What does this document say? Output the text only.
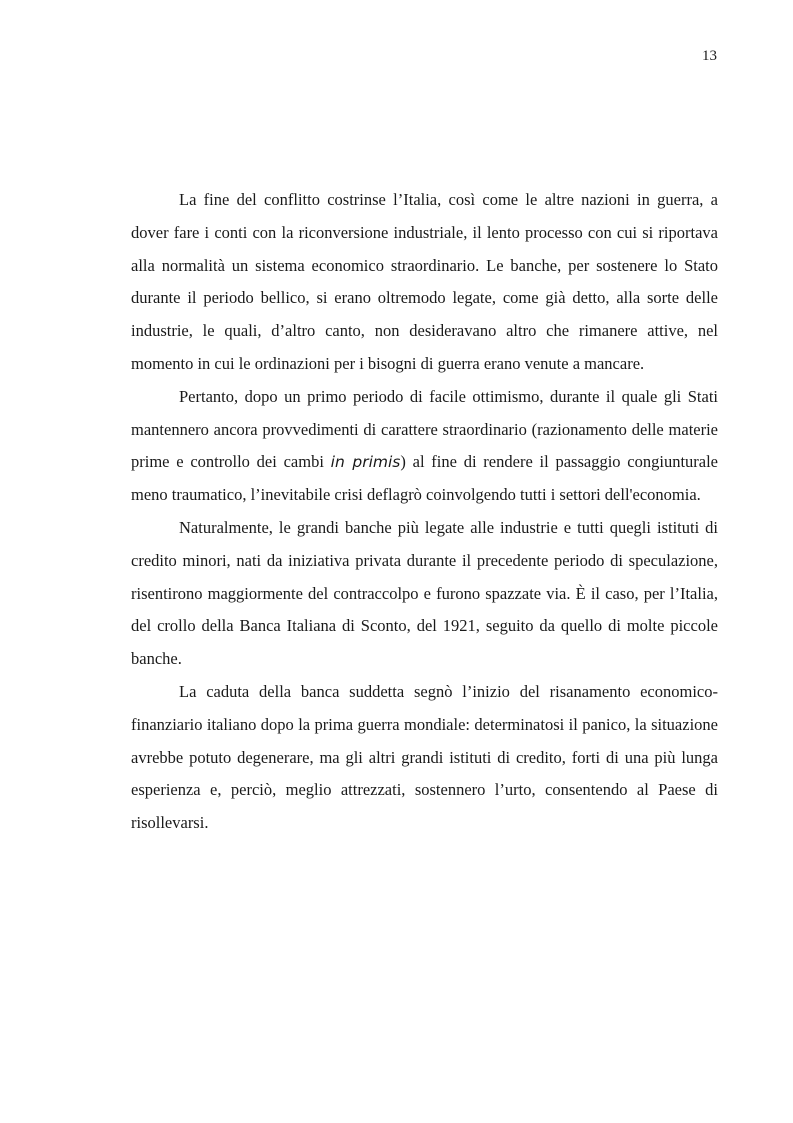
13

La fine del conflitto costrinse l’Italia, così come le altre nazioni in guerra, a dover fare i conti con la riconversione industriale, il lento processo con cui si riportava alla normalità un sistema economico straordinario. Le banche, per sostenere lo Stato durante il periodo bellico, si erano oltremodo legate, come già detto, alla sorte delle industrie, le quali, d’altro canto, non desideravano altro che rimanere attive, nel momento in cui le ordinazioni per i bisogni di guerra erano venute a mancare.

Pertanto, dopo un primo periodo di facile ottimismo, durante il quale gli Stati mantennero ancora provvedimenti di carattere straordinario (razionamento delle materie prime e controllo dei cambi in primis) al fine di rendere il passaggio congiunturale meno traumatico, l’inevitabile crisi deflagrò coinvolgendo tutti i settori dell'economia.

Naturalmente, le grandi banche più legate alle industrie e tutti quegli istituti di credito minori, nati da iniziativa privata durante il precedente periodo di speculazione, risentirono maggiormente del contraccolpo e furono spazzate via. È il caso, per l’Italia, del crollo della Banca Italiana di Sconto, del 1921, seguito da quello di molte piccole banche.

La caduta della banca suddetta segnò l’inizio del risanamento economico-finanziario italiano dopo la prima guerra mondiale: determinatosi il panico, la situazione avrebbe potuto degenerare, ma gli altri grandi istituti di credito, forti di una più lunga esperienza e, perciò, meglio attrezzati, sostennero l’urto, consentendo al Paese di risollevarsi.
